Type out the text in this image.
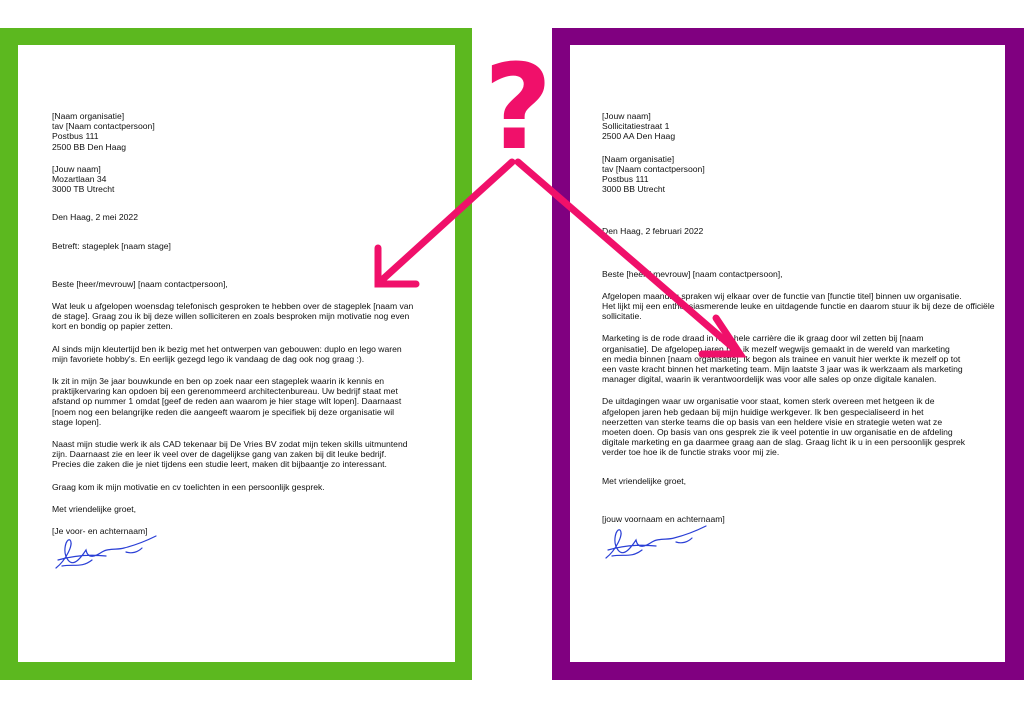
[Naam organisatie]
tav [Naam contactpersoon]
Postbus 111
2500 BB Den Haag
[Jouw naam]
Mozartlaan 34
3000 TB Utrecht
Den Haag, 2 mei 2022
Betreft: stageplek [naam stage]
Beste [heer/mevrouw] [naam contactpersoon],
Wat leuk u afgelopen woensdag telefonisch gesproken te hebben over de stageplek [naam van
de stage]. Graag zou ik bij deze willen solliciteren en zoals besproken mijn motivatie nog even
kort en bondig op papier zetten.
Al sinds mijn kleutertijd ben ik bezig met het ontwerpen van gebouwen: duplo en lego waren
mijn favoriete hobby's. En eerlijk gezegd lego ik vandaag de dag ook nog graag :).
Ik zit in mijn 3e jaar bouwkunde en ben op zoek naar een stageplek waarin ik kennis en
praktijkervaring kan opdoen bij een gerenommeerd architectenbureau. Uw bedrijf staat met
afstand op nummer 1 omdat [geef de reden aan waarom je hier stage wilt lopen]. Daarnaast
[noem nog een belangrijke reden die aangeeft waarom je specifiek bij deze organisatie wil
stage lopen].
Naast mijn studie werk ik als CAD tekenaar bij De Vries BV zodat mijn teken skills uitmuntend
zijn. Daarnaast zie en leer ik veel over de dagelijkse gang van zaken bij dit leuke bedrijf.
Precies die zaken die je niet tijdens een studie leert, maken dit bijbaantje zo interessant.
Graag kom ik mijn motivatie en cv toelichten in een persoonlijk gesprek.
Met vriendelijke groet,
[Je voor- en achternaam]
[Jouw naam]
Sollicitatiestraat 1
2500 AA Den Haag
[Naam organisatie]
tav [Naam contactpersoon]
Postbus 111
3000 BB Utrecht
Den Haag, 2 februari 2022
Beste [heer / mevrouw] [naam contactpersoon],
Afgelopen maandag spraken wij elkaar over de functie van [functie titel] binnen uw organisatie.
Het lijkt mij een enthousiasmerende leuke en uitdagende functie en daarom stuur ik bij deze de officiële
sollicitatie.
Marketing is de rode draad in mijn hele carrière die ik graag door wil zetten bij [naam
organisatie]. De afgelopen jaren heb ik mezelf wegwijs gemaakt in de wereld van marketing
en media binnen [naam organisatie]. Ik begon als trainee en vanuit hier werkte ik mezelf op tot
een vaste kracht binnen het marketing team. Mijn laatste 3 jaar was ik werkzaam als marketing
manager digital, waarin ik verantwoordelijk was voor alle sales op onze digitale kanalen.
De uitdagingen waar uw organisatie voor staat, komen sterk overeen met hetgeen ik de
afgelopen jaren heb gedaan bij mijn huidige werkgever. Ik ben gespecialiseerd in het
neerzetten van sterke teams die op basis van een heldere visie en strategie weten wat ze
moeten doen. Op basis van ons gesprek zie ik veel potentie in uw organisatie en de afdeling
digitale marketing en ga daarmee graag aan de slag. Graag licht ik u in een persoonlijk gesprek
verder toe hoe ik de functie straks voor mij zie.
Met vriendelijke groet,
[jouw voornaam en achternaam]
?
